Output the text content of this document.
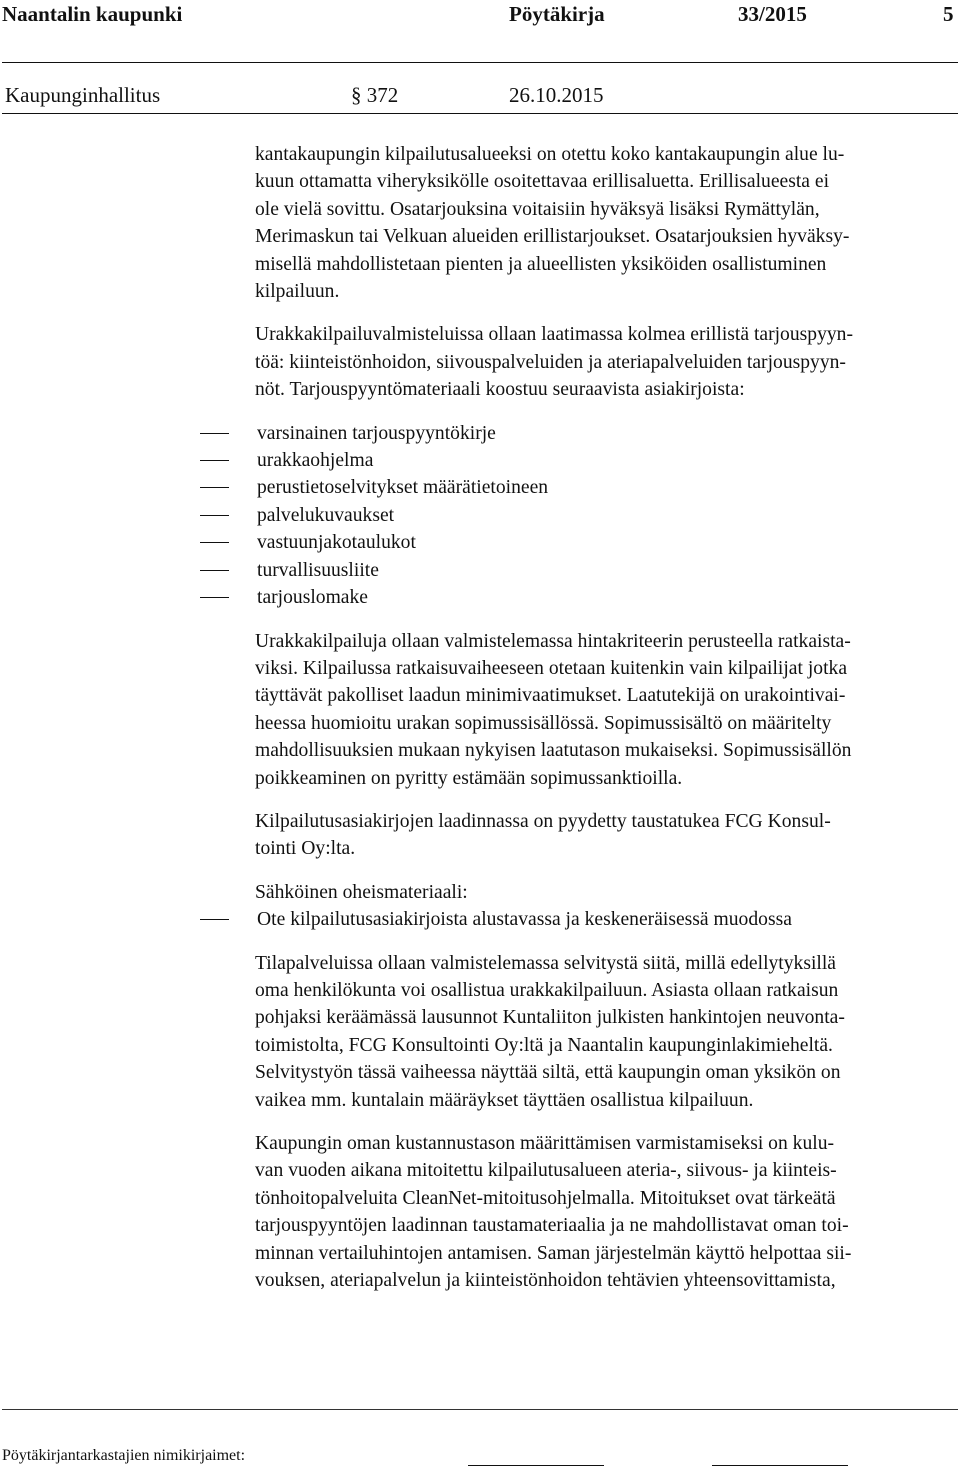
Naantalin kaupunki	Pöytäkirja	33/2015	5
Kaupunginhallitus	§ 372	26.10.2015

kantakaupungin kilpailutusalueeksi on otettu koko kantakaupungin alue lu-
kuun ottamatta viheryksikölle osoitettavaa erillisaluetta. Erillisalueesta ei
ole vielä sovittu. Osatarjouksina voitaisiin hyväksyä lisäksi Rymättylän,
Merimaskun tai Velkuan alueiden erillistarjoukset. Osatarjouksien hyväksy-
misellä mahdollistetaan pienten ja alueellisten yksiköiden osallistuminen
kilpailuun.

Urakkakilpailuvalmisteluissa ollaan laatimassa kolmea erillistä tarjouspyyn-
töä: kiinteistönhoidon, siivouspalveluiden ja ateriapalveluiden tarjouspyyn-
nöt. Tarjouspyyntömateriaali koostuu seuraavista asiakirjoista:

varsinainen tarjouspyyntökirje
urakkaohjelma
perustietoselvitykset määrätietoineen
palvelukuvaukset
vastuunjakotaulukot
turvallisuusliite
tarjouslomake

Urakkakilpailuja ollaan valmistelemassa hintakriteerin perusteella ratkaista-
viksi. Kilpailussa ratkaisuvaiheeseen otetaan kuitenkin vain kilpailijat jotka
täyttävät pakolliset laadun minimivaatimukset. Laatutekijä on urakointivai-
heessa huomioitu urakan sopimussisällössä. Sopimussisältö on määritelty
mahdollisuuksien mukaan nykyisen laatutason mukaiseksi. Sopimussisällön
poikkeaminen on pyritty estämään sopimussanktioilla.

Kilpailutusasiakirjojen laadinnassa on pyydetty taustatukea FCG Konsul-
tointi Oy:lta.

Sähköinen oheismateriaali:

Ote kilpailutusasiakirjoista alustavassa ja keskeneräisessä muodossa

Tilapalveluissa ollaan valmistelemassa selvitystä siitä, millä edellytyksillä
oma henkilökunta voi osallistua urakkakilpailuun. Asiasta ollaan ratkaisun
pohjaksi keräämässä lausunnot Kuntaliiton julkisten hankintojen neuvonta-
toimistolta, FCG Konsultointi Oy:ltä ja Naantalin kaupunginlakimieheltä.
Selvitystyön tässä vaiheessa näyttää siltä, että kaupungin oman yksikön on
vaikea mm. kuntalain määräykset täyttäen osallistua kilpailuun.

Kaupungin oman kustannustason määrittämisen varmistamiseksi on kulu-
van vuoden aikana mitoitettu kilpailutusalueen ateria-, siivous- ja kiinteis-
tönhoitopalveluita CleanNet-mitoitusohjelmalla. Mitoitukset ovat tärkeätä
tarjouspyyntöjen laadinnan taustamateriaalia ja ne mahdollistavat oman toi-
minnan vertailuhintojen antamisen. Saman järjestelmän käyttö helpottaa sii-
vouksen, ateriapalvelun ja kiinteistönhoidon tehtävien yhteensovittamista,

Pöytäkirjantarkastajien nimikirjaimet:
